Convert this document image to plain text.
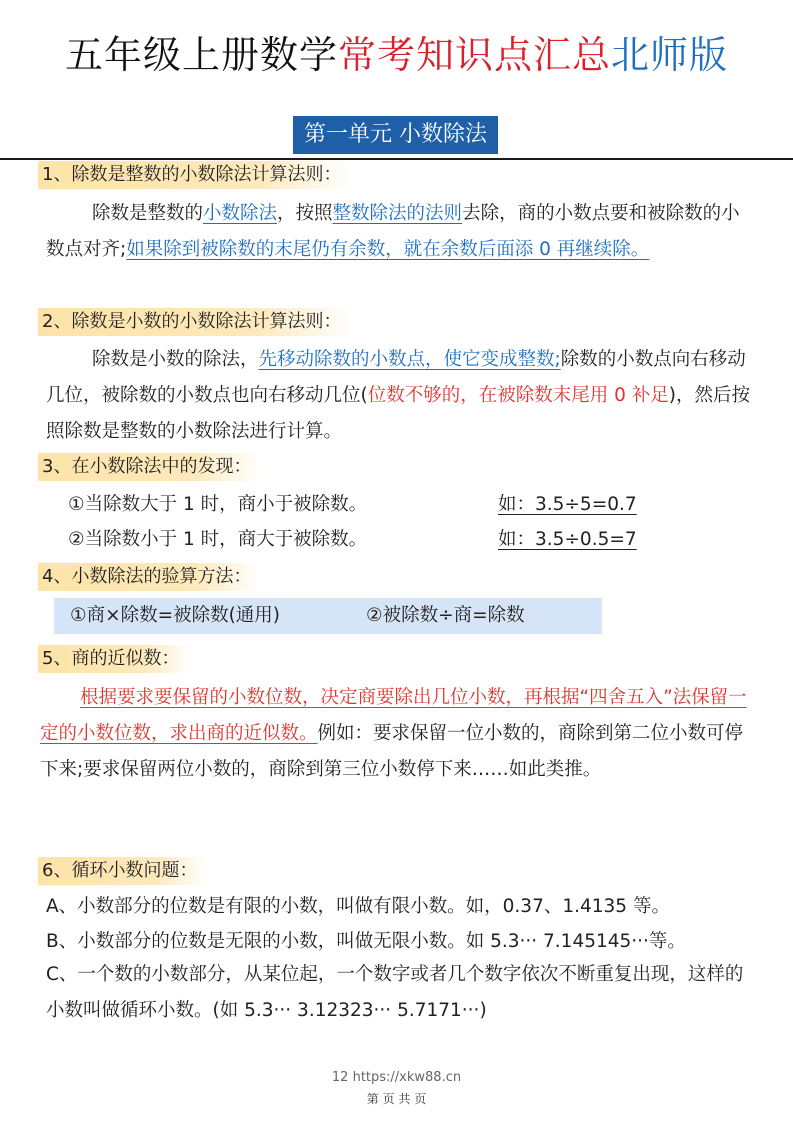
五年级上册数学常考知识点汇总北师版
第一单元 小数除法
1、除数是整数的小数除法计算法则：
除数是整数的小数除法，按照整数除法的法则去除，商的小数点要和被除数的小数点对齐;如果除到被除数的末尾仍有余数，就在余数后面添 0 再继续除。
2、除数是小数的小数除法计算法则：
除数是小数的除法，先移动除数的小数点，使它变成整数;除数的小数点向右移动几位，被除数的小数点也向右移动几位(位数不够的，在被除数末尾用 0 补足)，然后按照除数是整数的小数除法进行计算。
3、在小数除法中的发现：
①当除数大于 1 时，商小于被除数。	如：3.5÷5=0.7
②当除数小于 1 时，商大于被除数。	如：3.5÷0.5=7
4、小数除法的验算方法：
①商×除数=被除数(通用)	②被除数÷商=除数
5、商的近似数：
根据要求要保留的小数位数，决定商要除出几位小数，再根据“四舍五入”法保留一定的小数位数，求出商的近似数。例如：要求保留一位小数的，商除到第二位小数可停下来;要求保留两位小数的，商除到第三位小数停下来……如此类推。
6、循环小数问题：
A、小数部分的位数是有限的小数，叫做有限小数。如，0.37、1.4135 等。
B、小数部分的位数是无限的小数，叫做无限小数。如 5.3··· 7.145145···等。
C、一个数的小数部分，从某位起，一个数字或者几个数字依次不断重复出现，这样的小数叫做循环小数。(如 5.3··· 3.12323··· 5.7171···)
12 https://xkw88.cn
第 页 共 页
